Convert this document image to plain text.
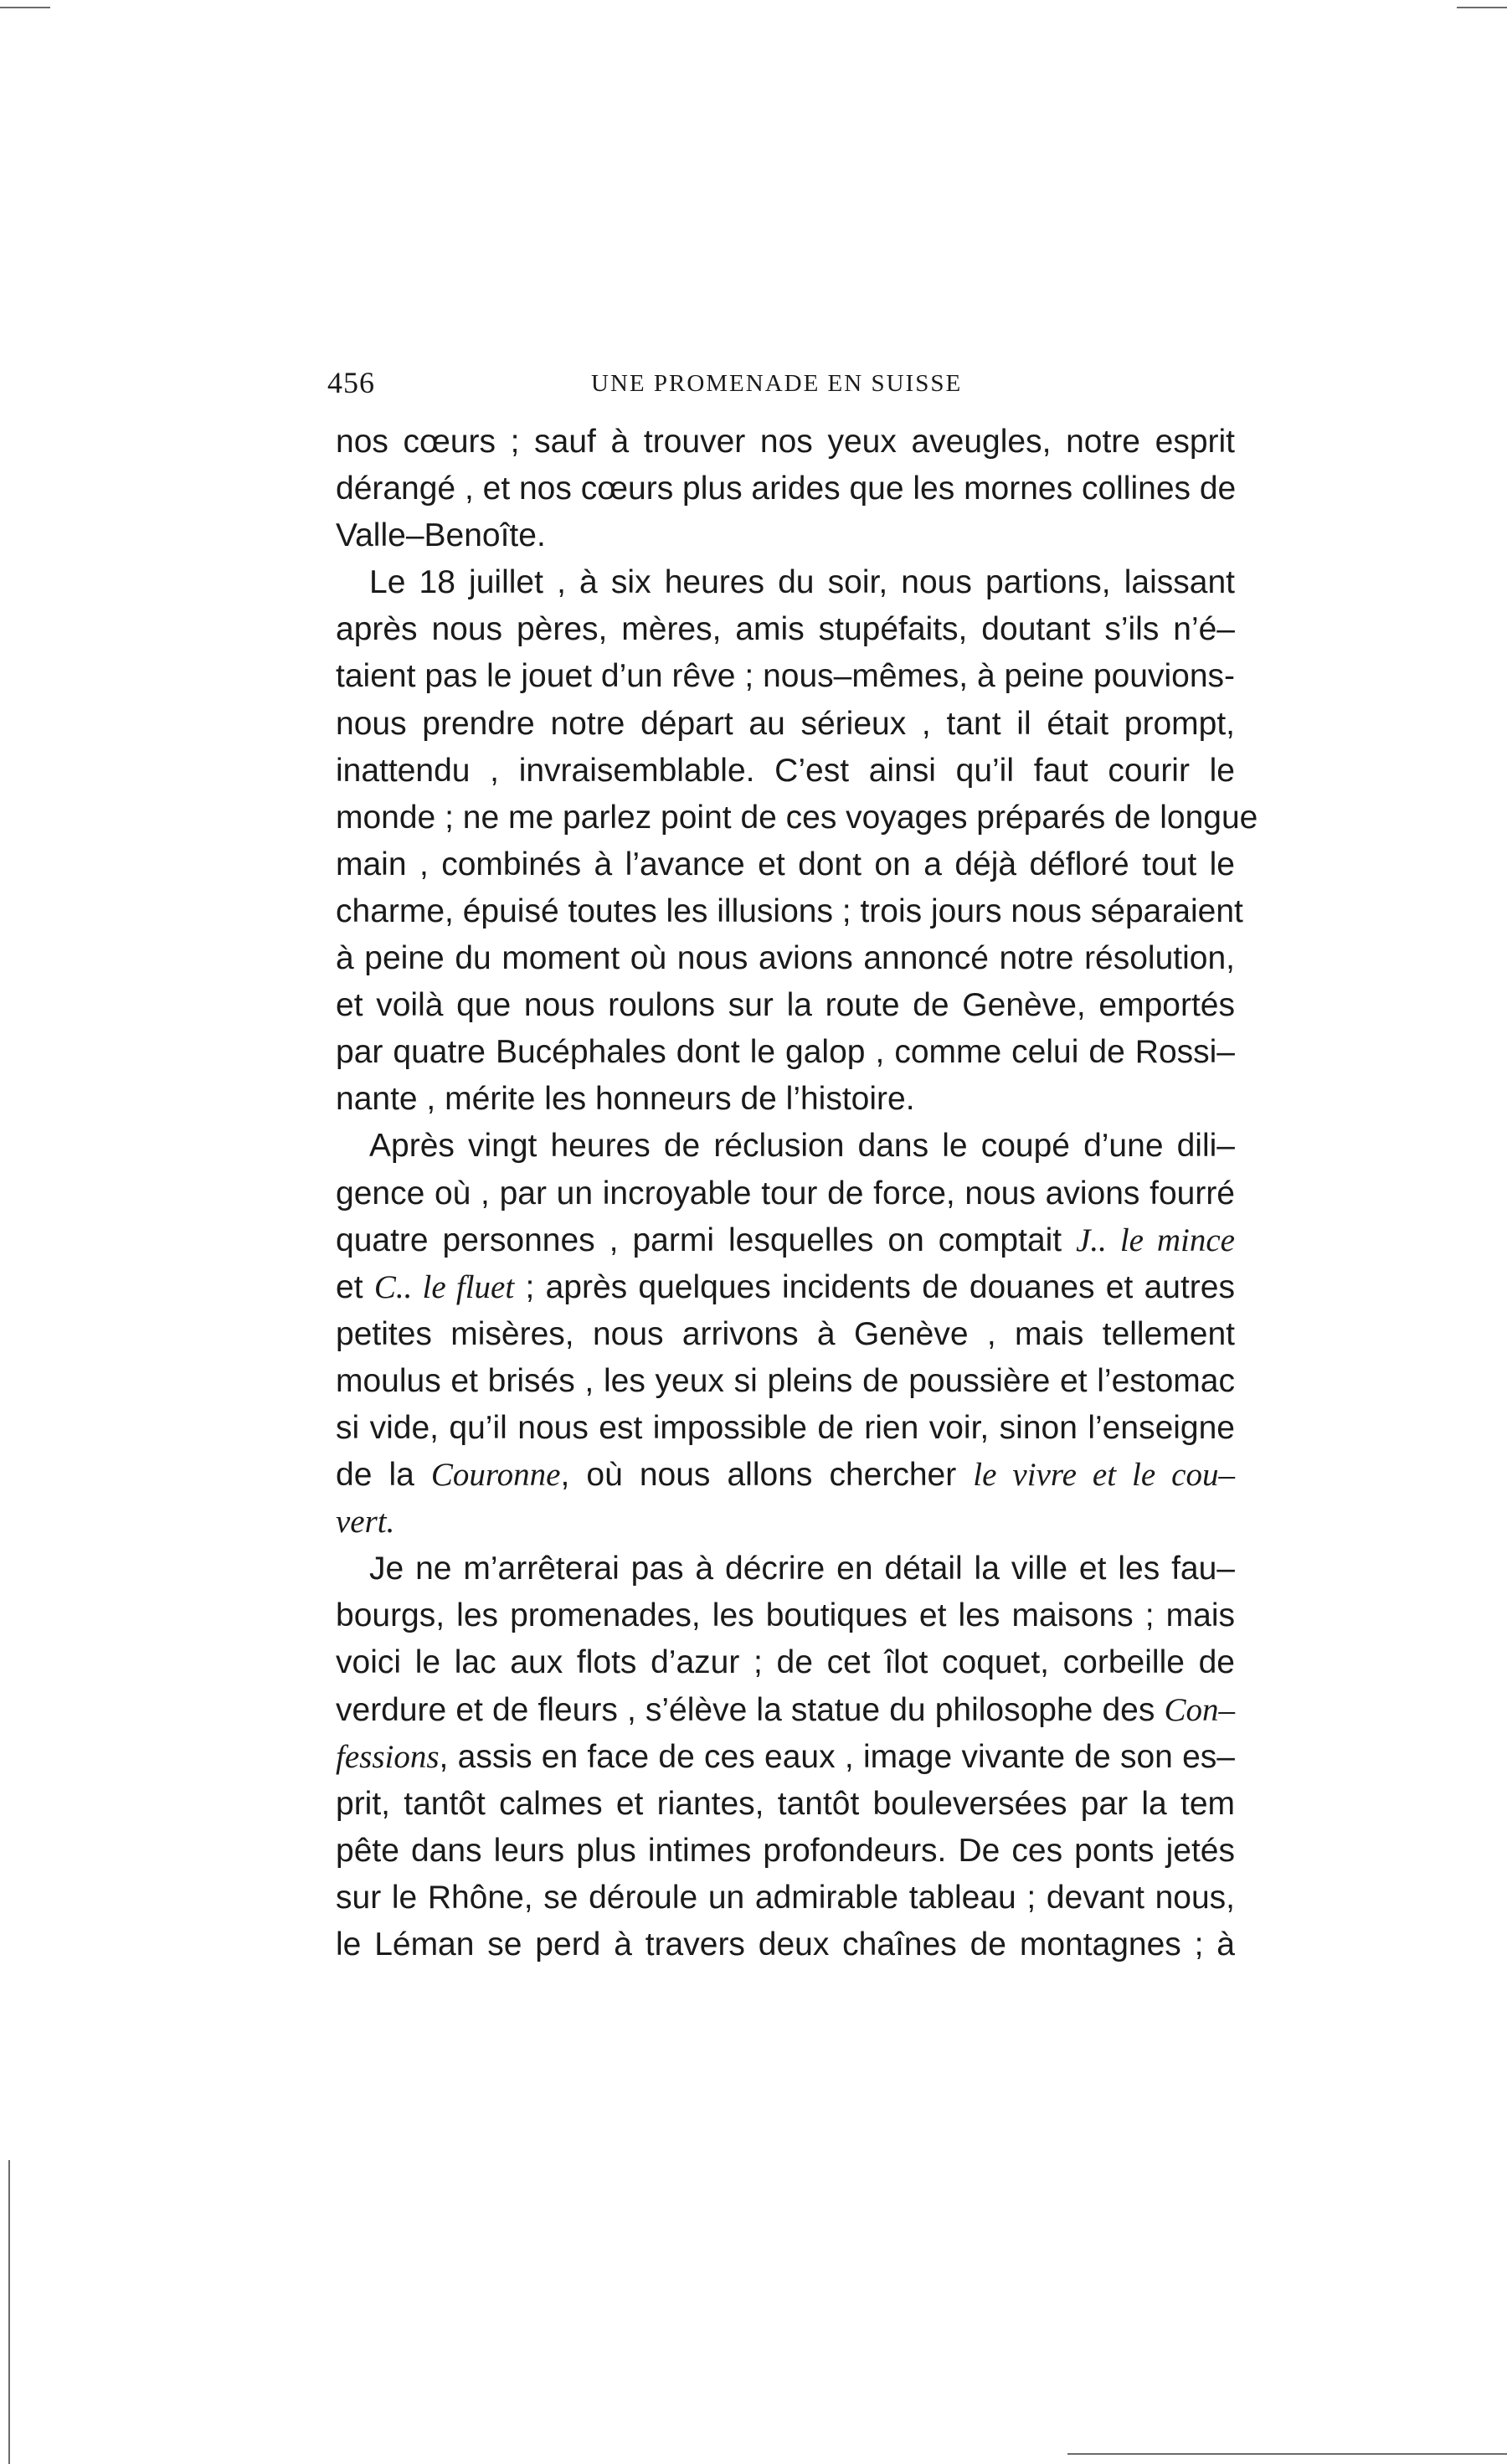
456	UNE PROMENADE EN SUISSE
nos cœurs ; sauf à trouver nos yeux aveugles, notre esprit
dérangé , et nos cœurs plus arides que les mornes collines de
Valle–Benoîte.
Le 18 juillet , à six heures du soir, nous partions, laissant
après nous pères, mères, amis stupéfaits, doutant s’ils n’é–
taient pas le jouet d’un rêve ; nous–mêmes, à peine pouvions-
nous prendre notre départ au sérieux , tant il était prompt,
inattendu , invraisemblable. C’est ainsi qu’il faut courir le
monde ; ne me parlez point de ces voyages préparés de longue
main , combinés à l’avance et dont on a déjà défloré tout le
charme, épuisé toutes les illusions ; trois jours nous séparaient
à peine du moment où nous avions annoncé notre résolution,
et voilà que nous roulons sur la route de Genève, emportés
par quatre Bucéphales dont le galop , comme celui de Rossi–
nante , mérite les honneurs de l’histoire.
Après vingt heures de réclusion dans le coupé d’une dili–
gence où , par un incroyable tour de force, nous avions fourré
quatre personnes , parmi lesquelles on comptait J.. le mince
et C.. le fluet ; après quelques incidents de douanes et autres
petites misères, nous arrivons à Genève , mais tellement
moulus et brisés , les yeux si pleins de poussière et l’estomac
si vide, qu’il nous est impossible de rien voir, sinon l’enseigne
de la Couronne, où nous allons chercher le vivre et le cou–
vert.
Je ne m’arrêterai pas à décrire en détail la ville et les fau–
bourgs, les promenades, les boutiques et les maisons ; mais
voici le lac aux flots d’azur ; de cet îlot coquet, corbeille de
verdure et de fleurs , s’élève la statue du philosophe des Con–
fessions, assis en face de ces eaux , image vivante de son es–
prit, tantôt calmes et riantes, tantôt bouleversées par la tem
pête dans leurs plus intimes profondeurs. De ces ponts jetés
sur le Rhône, se déroule un admirable tableau ; devant nous,
le Léman se perd à travers deux chaînes de montagnes ; à
